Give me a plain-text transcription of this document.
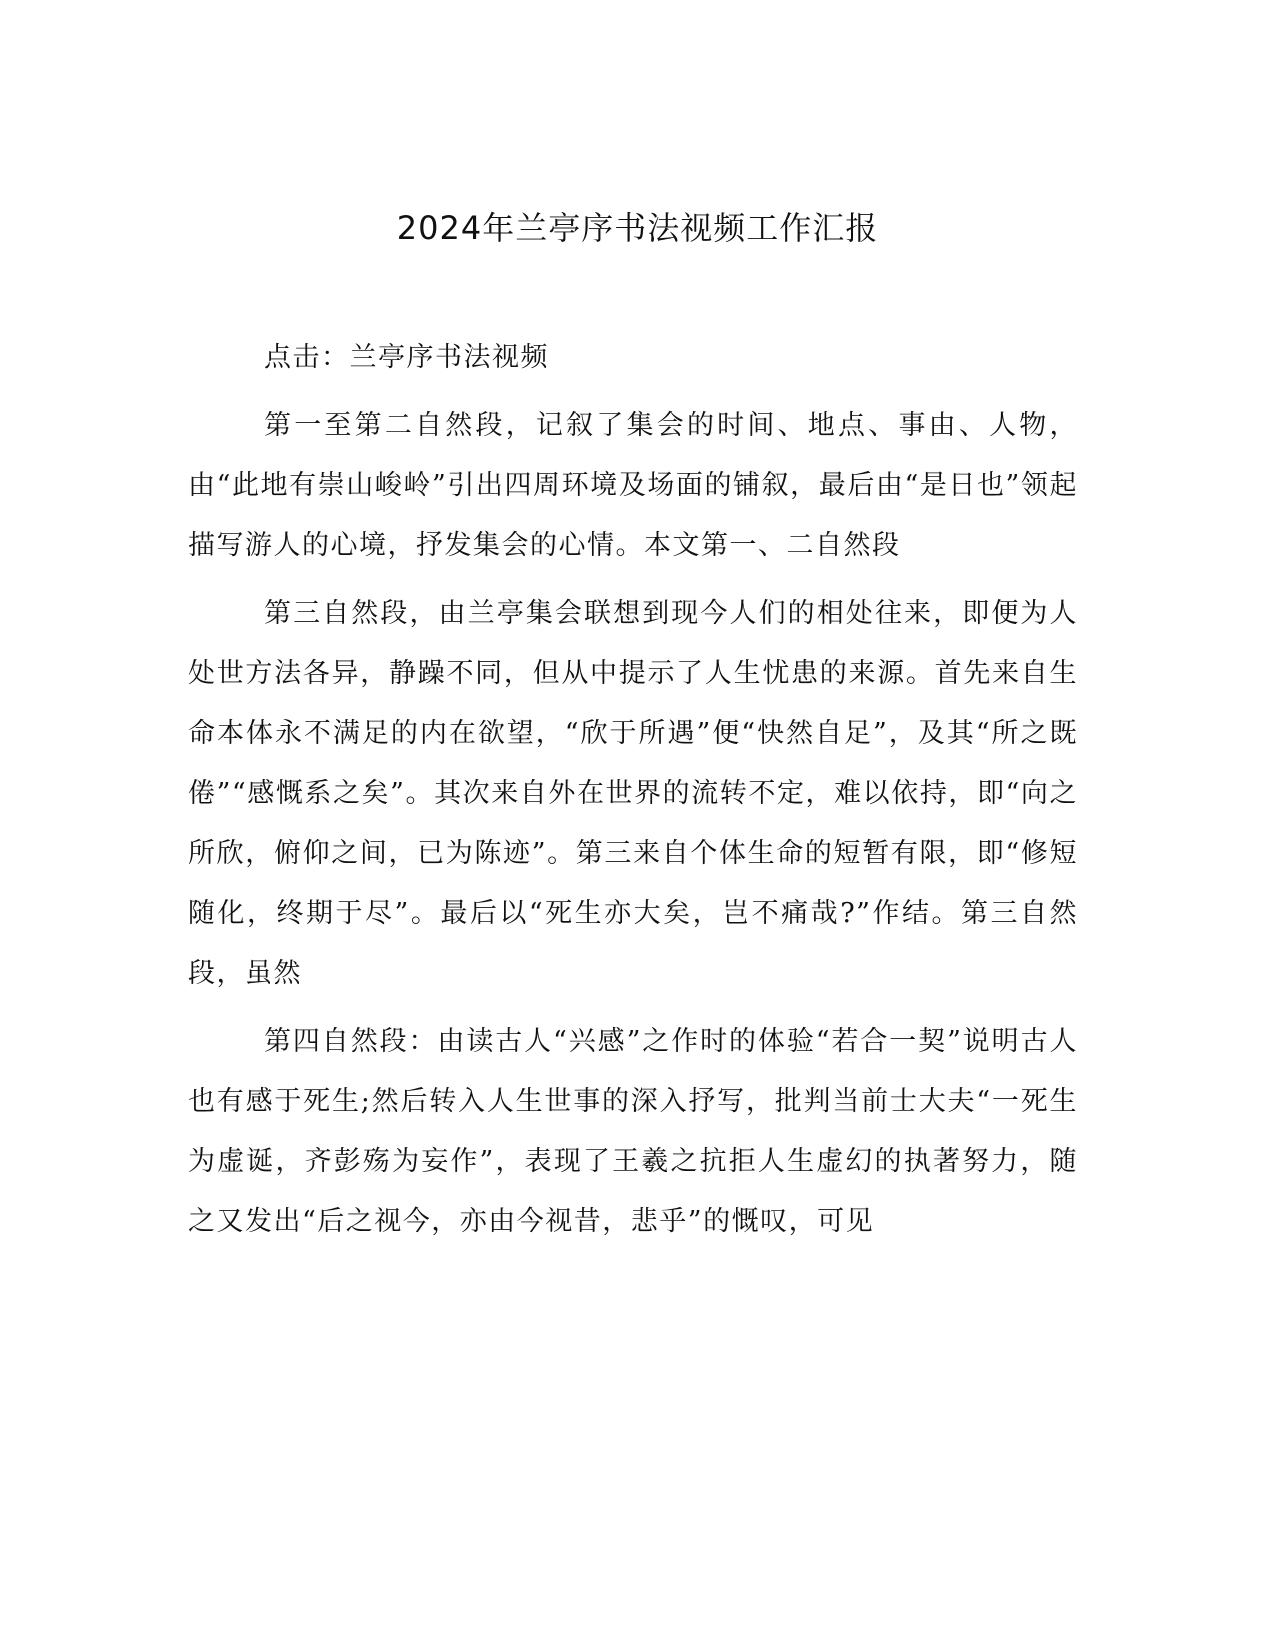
2024年兰亭序书法视频工作汇报

点击：兰亭序书法视频

第一至第二自然段，记叙了集会的时间、地点、事由、人物，由“此地有崇山峻岭”引出四周环境及场面的铺叙，最后由“是日也”领起描写游人的心境，抒发集会的心情。本文第一、二自然段

第三自然段，由兰亭集会联想到现今人们的相处往来，即便为人处世方法各异，静躁不同，但从中提示了人生忧患的来源。首先来自生命本体永不满足的内在欲望，“欣于所遇”便“快然自足”，及其“所之既倦”“感慨系之矣”。其次来自外在世界的流转不定，难以依持，即“向之所欣，俯仰之间，已为陈迹”。第三来自个体生命的短暂有限，即“修短随化，终期于尽”。最后以“死生亦大矣，岂不痛哉?”作结。第三自然段，虽然

第四自然段：由读古人“兴感”之作时的体验“若合一契”说明古人也有感于死生;然后转入人生世事的深入抒写，批判当前士大夫“一死生为虚诞，齐彭殇为妄作”，表现了王羲之抗拒人生虚幻的执著努力，随之又发出“后之视今，亦由今视昔，悲乎”的慨叹，可见
